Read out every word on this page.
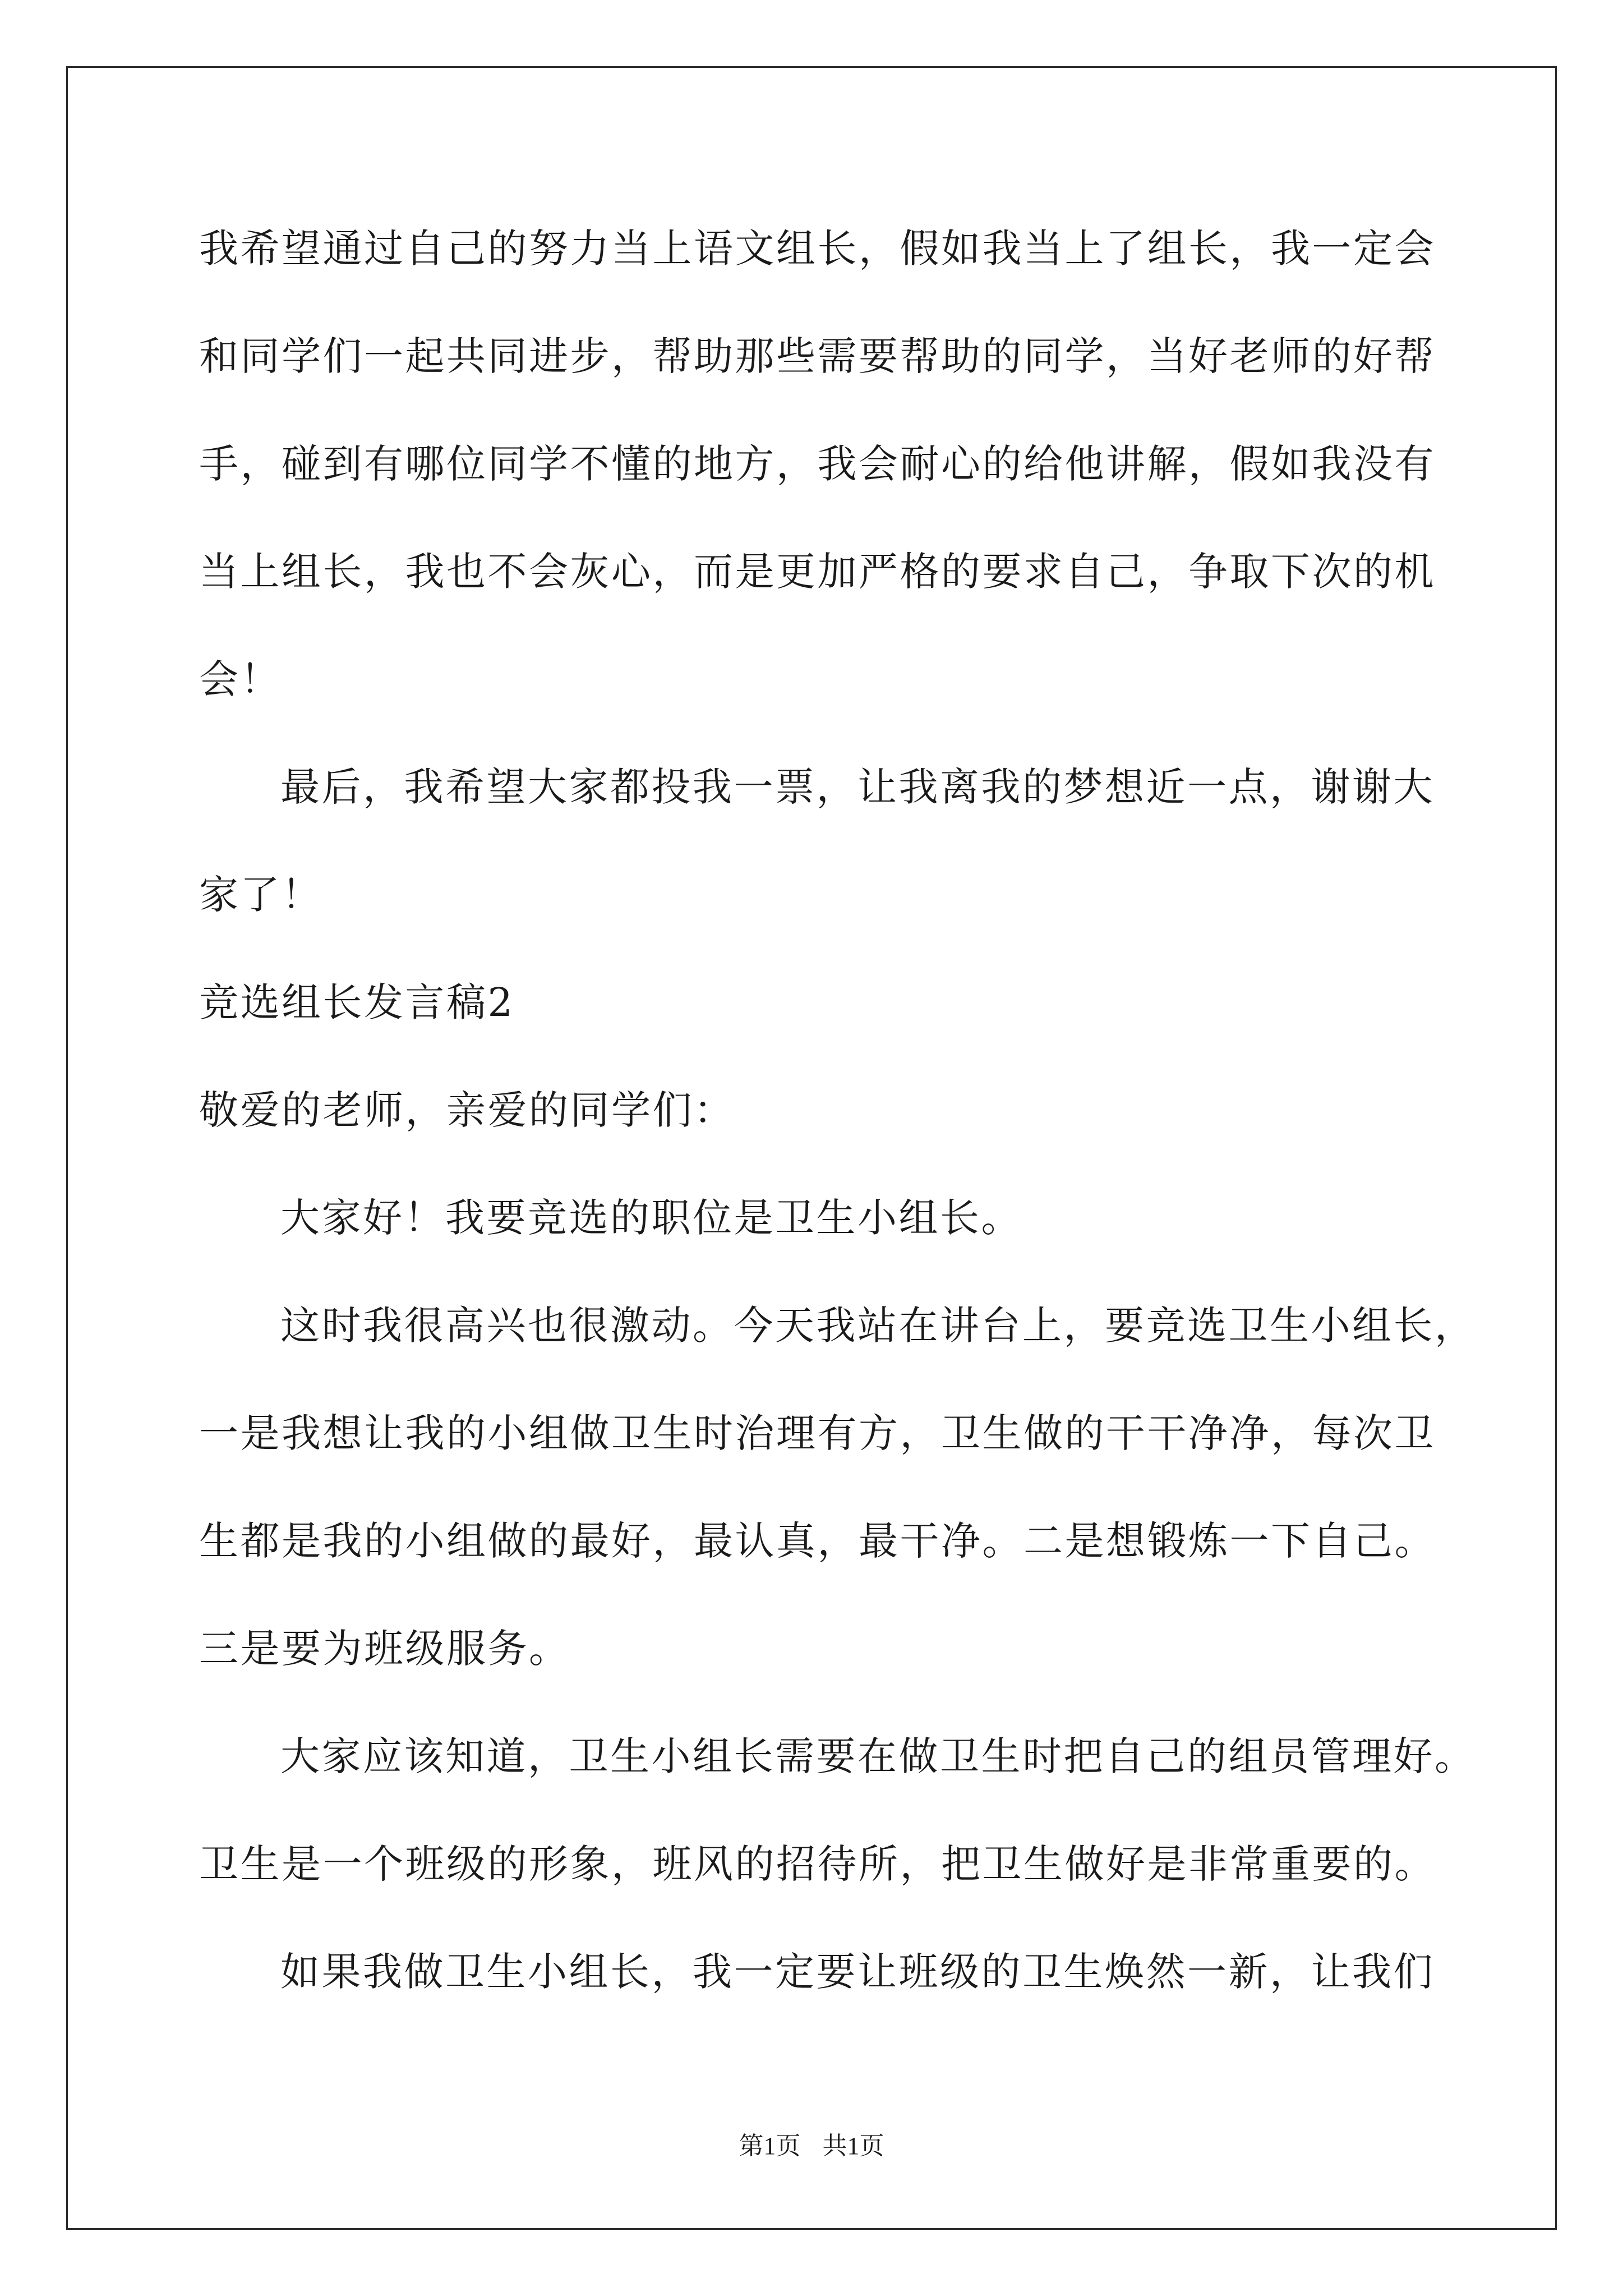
我希望通过自己的努力当上语文组长，假如我当上了组长，我一定会
和同学们一起共同进步，帮助那些需要帮助的同学，当好老师的好帮
手，碰到有哪位同学不懂的地方，我会耐心的给他讲解，假如我没有
当上组长，我也不会灰心，而是更加严格的要求自己，争取下次的机
会！
最后，我希望大家都投我一票，让我离我的梦想近一点，谢谢大
家了！
竞选组长发言稿2
敬爱的老师，亲爱的同学们：
大家好！我要竞选的职位是卫生小组长。
这时我很高兴也很激动。今天我站在讲台上，要竞选卫生小组长，
一是我想让我的小组做卫生时治理有方，卫生做的干干净净，每次卫
生都是我的小组做的最好，最认真，最干净。二是想锻炼一下自己。
三是要为班级服务。
大家应该知道，卫生小组长需要在做卫生时把自己的组员管理好。
卫生是一个班级的形象，班风的招待所，把卫生做好是非常重要的。
如果我做卫生小组长，我一定要让班级的卫生焕然一新，让我们
第1页 共1页
